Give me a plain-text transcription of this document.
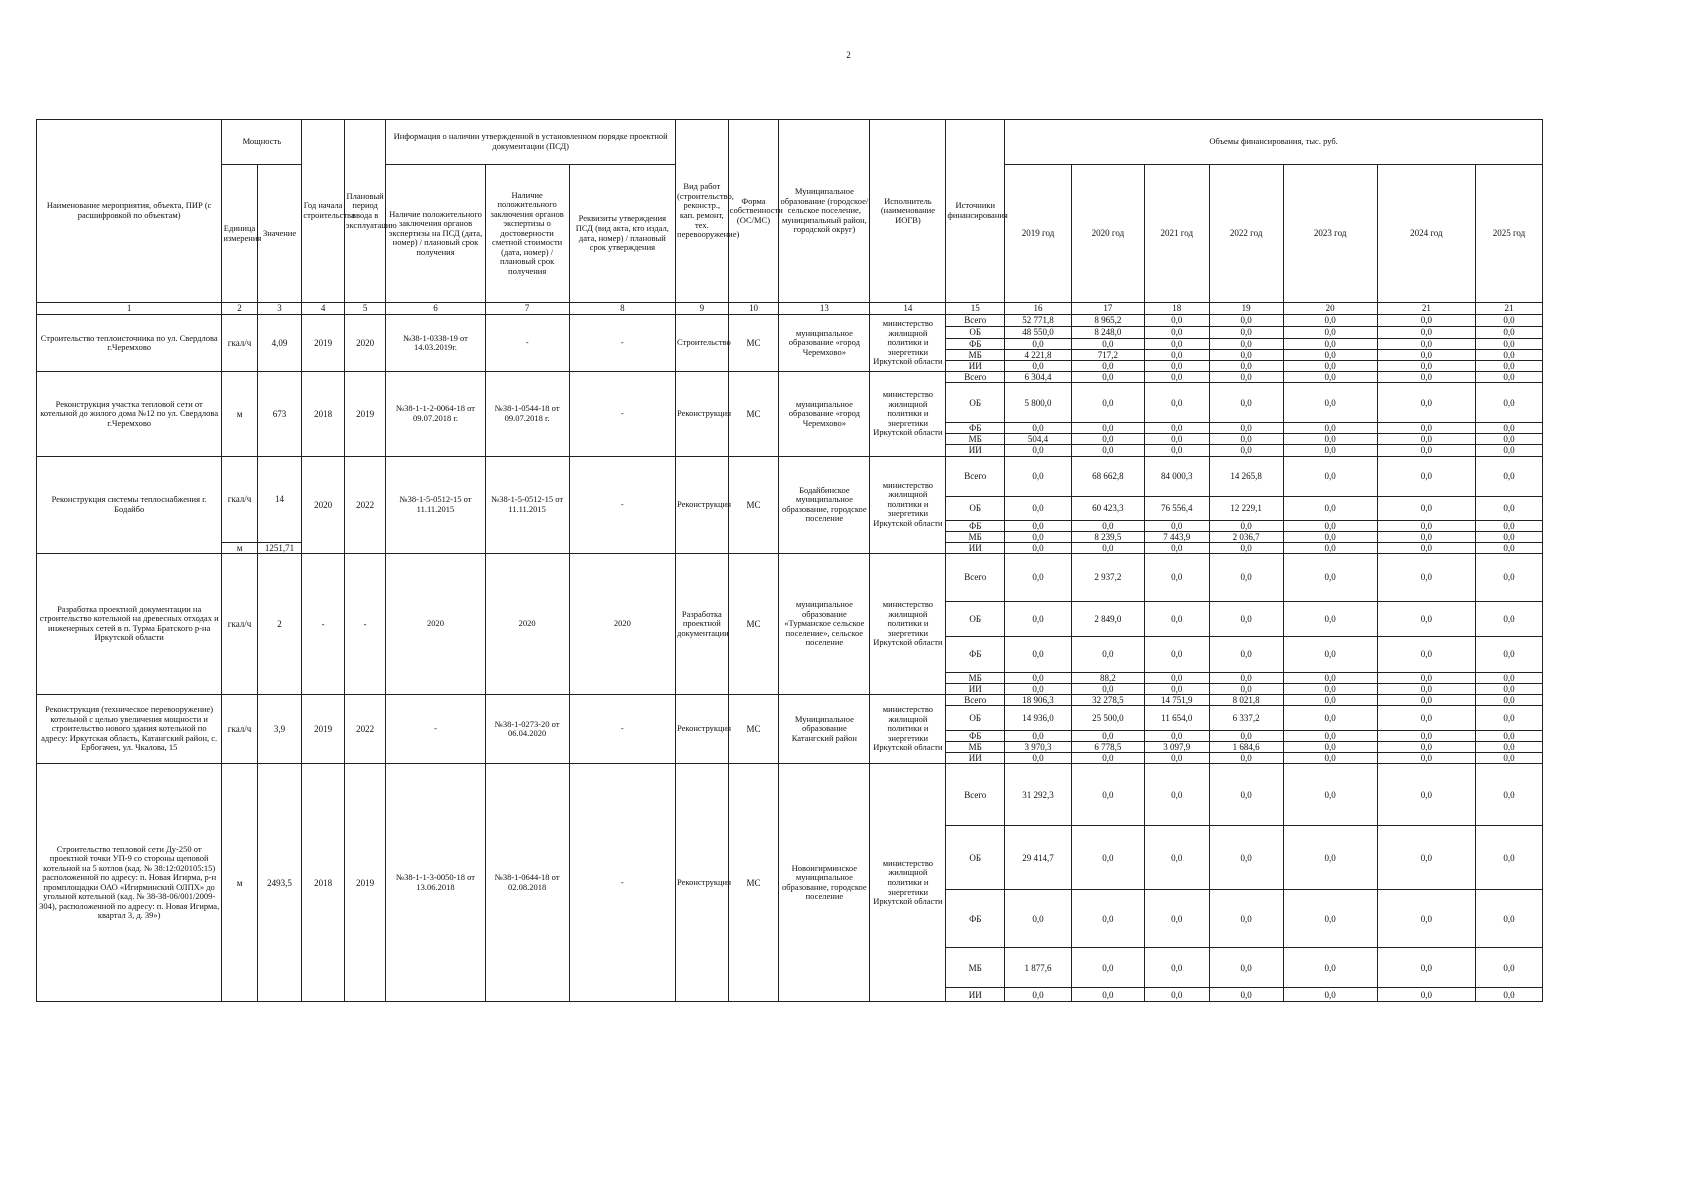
2
Наименование мероприятия, объекта, ПИР (с расшифровкой по объектам)	Мощность		Год начала строительства	Плановый период ввода в эксплуатацию	Информация о наличии утвержденной в установленном порядке проектной документации (ПСД)			Вид работ (строительство, реконстр., кап. ремонт, тех. перевооружение)	Форма собственности (ОС/МС)	Муниципальное образование (городское/сельское поселение, муниципальный район, городской округ)	Исполнитель (наименование ИОГВ)	Источники финансирования	Объемы финансирования, тыс. руб.						
	Единица измерения	Значение			Наличие положительного заключения органов экспертизы на ПСД (дата, номер) / плановый срок получения	Наличие положительного заключения органов экспертизы о достоверности сметной стоимости (дата, номер) / плановый срок получения	Реквизиты утверждения ПСД (вид акта, кто издал, дата, номер) / плановый срок утверждения						2019 год	2020 год	2021 год	2022 год	2023 год	2024 год	2025 год
1	2	3	4	5	6	7	8	9	10	13	14	15	16	17	18	19	20	21	21
Строительство теплоисточника по ул. Свердлова г.Черемхово	гкал/ч	4,09	2019	2020	№38-1-0338-19 от 14.03.2019г.	-	-	Строительство	МС	муниципальное образование «город Черемхово»	министерство жилищной политики и энергетики Иркутской области	Всего	52 771,8	8 965,2	0,0	0,0	0,0	0,0	0,0
												ОБ	48 550,0	8 248,0	0,0	0,0	0,0	0,0	0,0
												ФБ	0,0	0,0	0,0	0,0	0,0	0,0	0,0
												МБ	4 221,8	717,2	0,0	0,0	0,0	0,0	0,0
												ИИ	0,0	0,0	0,0	0,0	0,0	0,0	0,0
Реконструкция участка тепловой сети от котельной до жилого дома №12 по ул. Свердлова г.Черемхово	м	673	2018	2019	№38-1-1-2-0064-18 от 09.07.2018 г.	№38-1-0544-18 от 09.07.2018 г.	-	Реконструкция	МС	муниципальное образование «город Черемхово»	министерство жилищной политики и энергетики Иркутской области	Всего	6 304,4	0,0	0,0	0,0	0,0	0,0	0,0
												ОБ	5 800,0	0,0	0,0	0,0	0,0	0,0	0,0
												ФБ	0,0	0,0	0,0	0,0	0,0	0,0	0,0
												МБ	504,4	0,0	0,0	0,0	0,0	0,0	0,0
												ИИ	0,0	0,0	0,0	0,0	0,0	0,0	0,0
Реконструкция системы теплоснабжения г. Бодайбо	гкал/ч	14	2020	2022	№38-1-5-0512-15 от 11.11.2015	№38-1-5-0512-15 от 11.11.2015	-	Реконструкция	МС	Бодайбинское муниципальное образование, городское поселение	министерство жилищной политики и энергетики Иркутской области	Всего	0,0	68 662,8	84 000,3	14 265,8	0,0	0,0	0,0
												ОБ	0,0	60 423,3	76 556,4	12 229,1	0,0	0,0	0,0
												ФБ	0,0	0,0	0,0	0,0	0,0	0,0	0,0
												МБ	0,0	8 239,5	7 443,9	2 036,7	0,0	0,0	0,0
	м	1251,71										ИИ	0,0	0,0	0,0	0,0	0,0	0,0	0,0
Разработка проектной документации на строительство котельной на древесных отходах и инженерных сетей в п. Турма Братского р-на Иркутской области	гкал/ч	2	-	-	2020	2020	2020	Разработка проектной документации	МС	муниципальное образование «Турманское сельское поселение», сельское поселение	министерство жилищной политики и энергетики Иркутской области	Всего	0,0	2 937,2	0,0	0,0	0,0	0,0	0,0
												ОБ	0,0	2 849,0	0,0	0,0	0,0	0,0	0,0
												ФБ	0,0	0,0	0,0	0,0	0,0	0,0	0,0
												МБ	0,0	88,2	0,0	0,0	0,0	0,0	0,0
												ИИ	0,0	0,0	0,0	0,0	0,0	0,0	0,0
Реконструкция (техническое перевооружение) котельной с целью увеличения мощности и строительство нового здания котельной по адресу: Иркутская область, Катангский район, с. Ербогачен, ул. Чкалова, 15	гкал/ч	3,9	2019	2022	-	№38-1-0273-20 от 06.04.2020	-	Реконструкция	МС	Муниципальное образование Катангский район	министерство жилищной политики и энергетики Иркутской области	Всего	18 906,3	32 278,5	14 751,9	8 021,8	0,0	0,0	0,0
												ОБ	14 936,0	25 500,0	11 654,0	6 337,2	0,0	0,0	0,0
												ФБ	0,0	0,0	0,0	0,0	0,0	0,0	0,0
												МБ	3 970,3	6 778,5	3 097,9	1 684,6	0,0	0,0	0,0
												ИИ	0,0	0,0	0,0	0,0	0,0	0,0	0,0
Строительство тепловой сети Ду-250 от проектной точки УП-9 со стороны щеповой котельной на 5 котлов (кад. № 38:12:020105:15) расположенной по адресу: п. Новая Игирма, р-н промплощадки ОАО «Игирминский ОЛПХ» до угольной котельной (кад. № 38-38-06/001/2009-304), расположенной по адресу: п. Новая Игирма, квартал 3, д. 39»)	м	2493,5	2018	2019	№38-1-1-3-0050-18 от 13.06.2018	№38-1-0644-18 от 02.08.2018	-	Реконструкция	МС	Новоигирминское муниципальное образование, городское поселение	министерство жилищной политики и энергетики Иркутской области	Всего	31 292,3	0,0	0,0	0,0	0,0	0,0	0,0
												ОБ	29 414,7	0,0	0,0	0,0	0,0	0,0	0,0
												ФБ	0,0	0,0	0,0	0,0	0,0	0,0	0,0
												МБ	1 877,6	0,0	0,0	0,0	0,0	0,0	0,0
												ИИ	0,0	0,0	0,0	0,0	0,0	0,0	0,0
